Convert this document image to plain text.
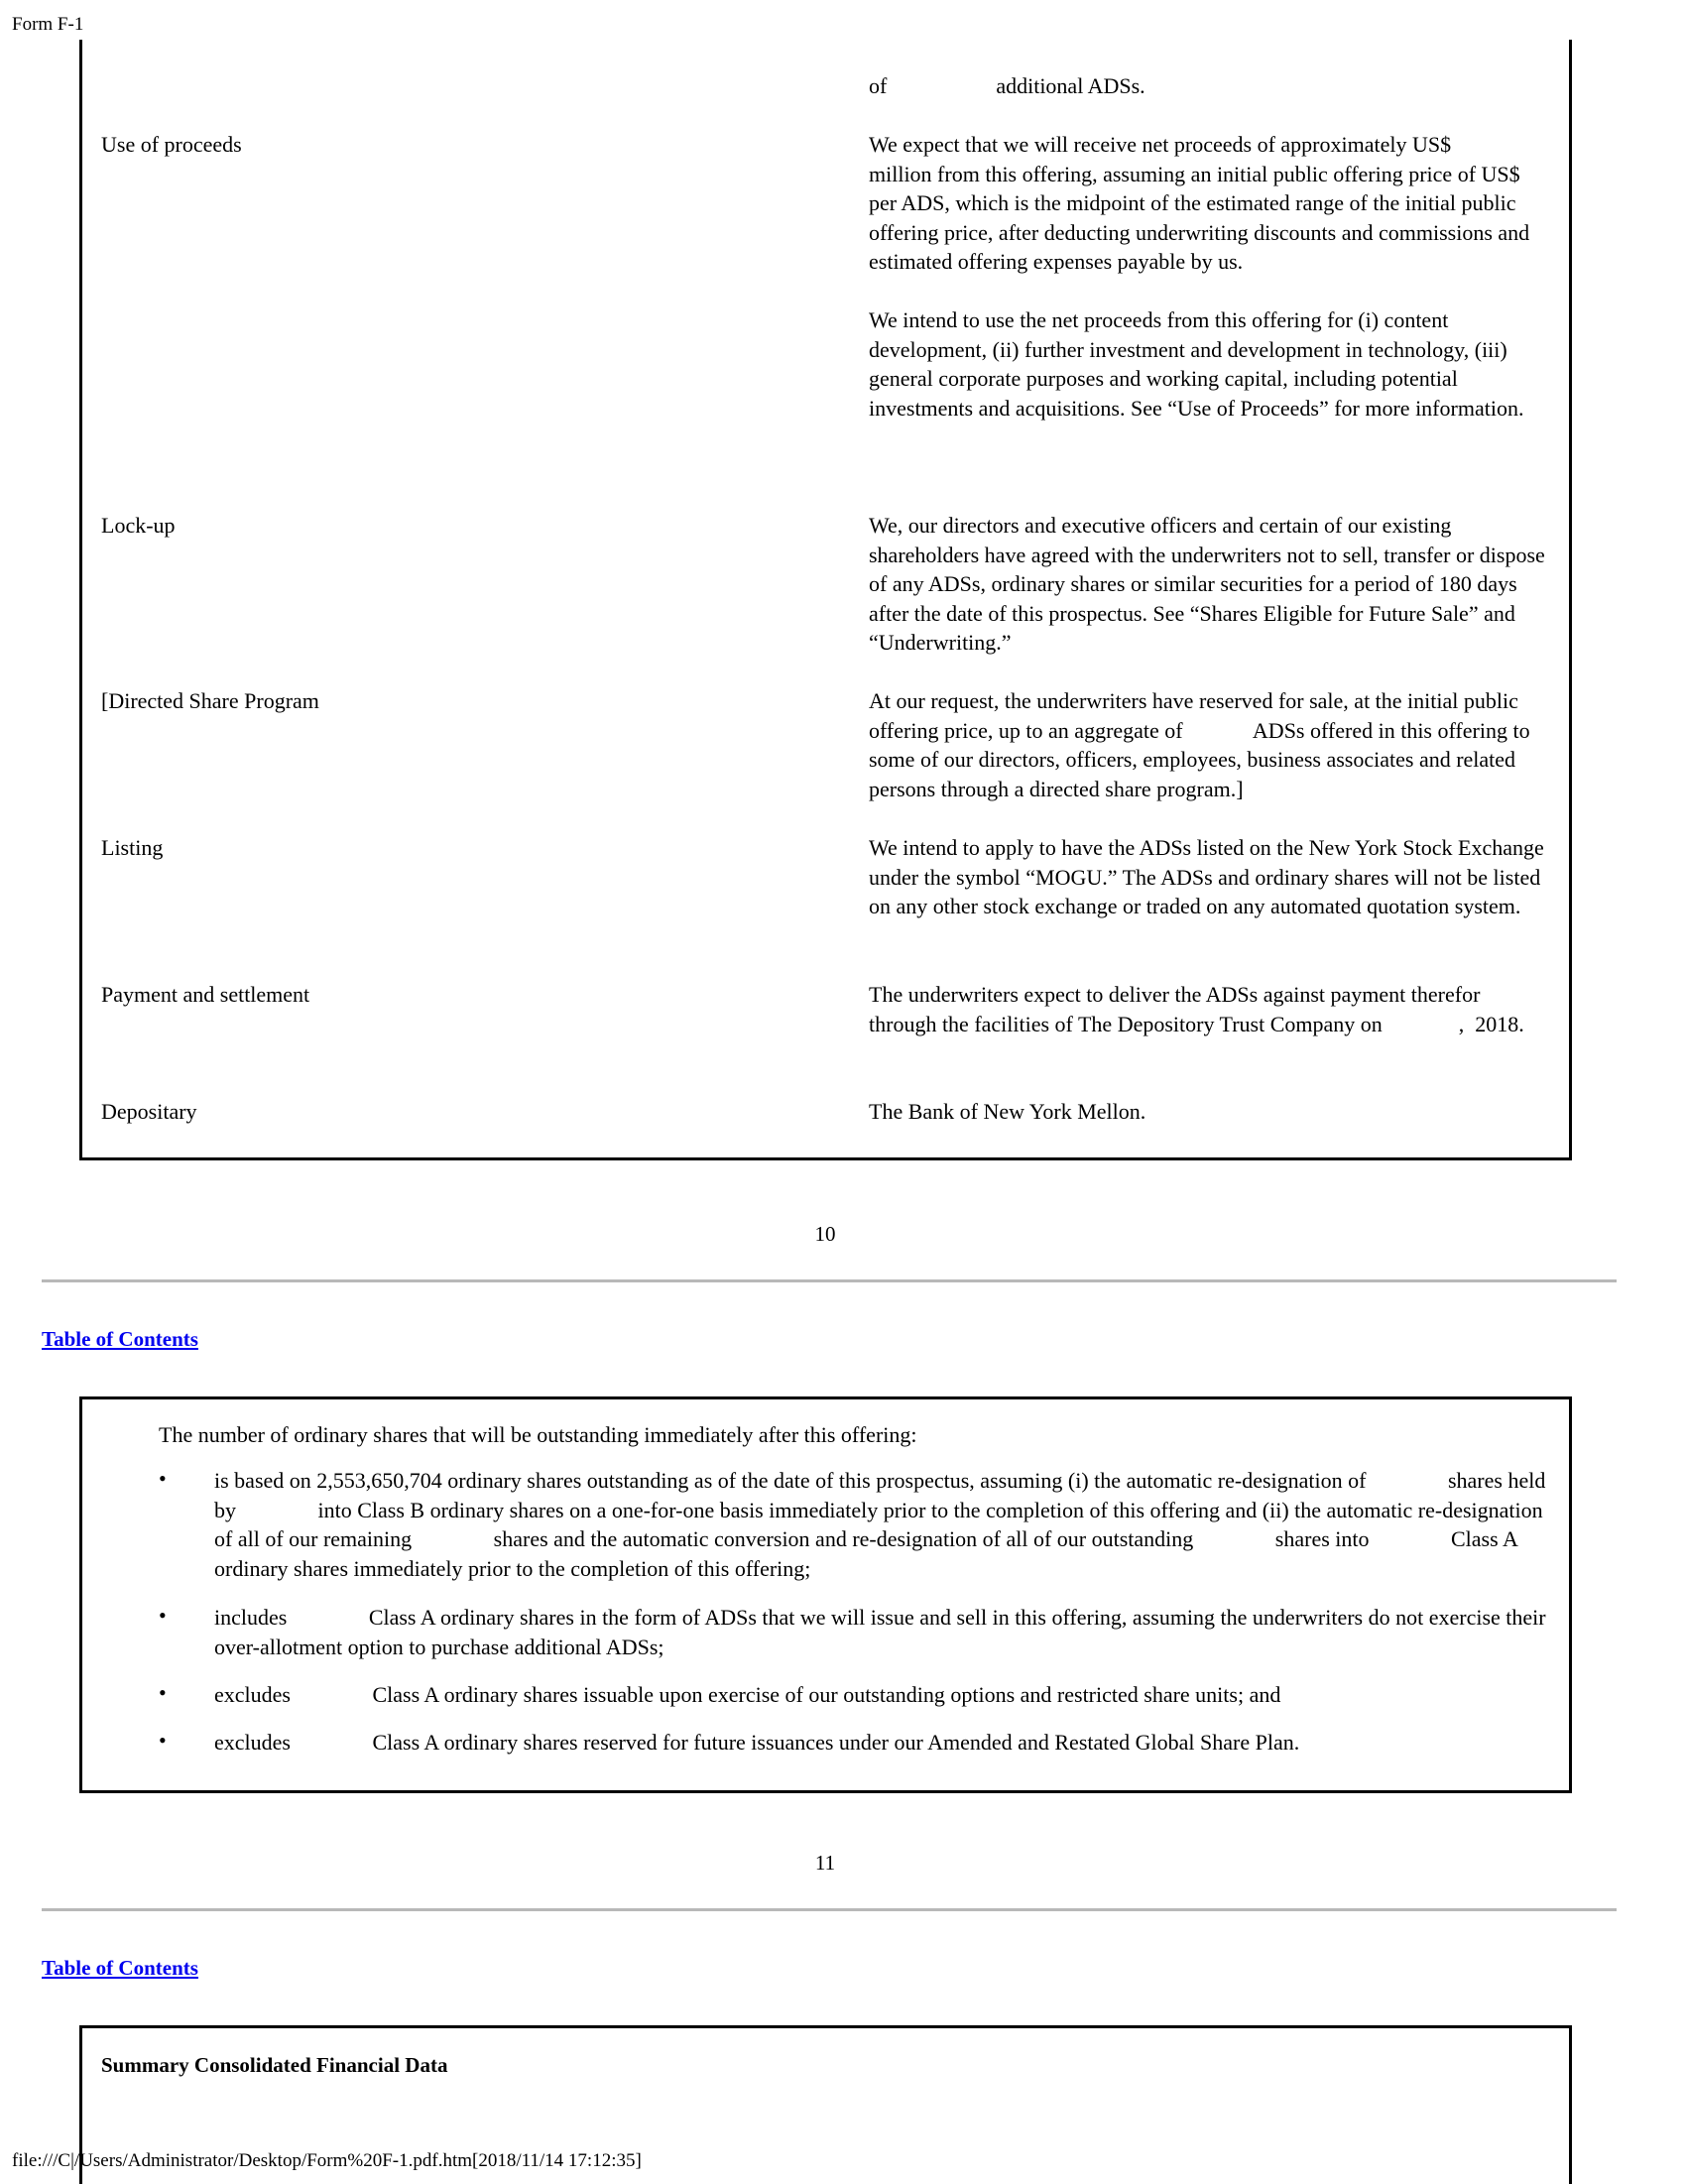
Form F-1

of                    additional ADSs.

Use of proceeds	We expect that we will receive net proceeds of approximately US$              million from this offering, assuming an initial public offering price of US$              per ADS, which is the midpoint of the estimated range of the initial public offering price, after deducting underwriting discounts and commissions and estimated offering expenses payable by us.

We intend to use the net proceeds from this offering for (i) content development, (ii) further investment and development in technology, (iii) general corporate purposes and working capital, including potential investments and acquisitions. See “Use of Proceeds” for more information.

Lock-up	We, our directors and executive officers and certain of our existing shareholders have agreed with the underwriters not to sell, transfer or dispose of any ADSs, ordinary shares or similar securities for a period of 180 days after the date of this prospectus. See “Shares Eligible for Future Sale” and “Underwriting.”

[Directed Share Program	At our request, the underwriters have reserved for sale, at the initial public offering price, up to an aggregate of             ADSs offered in this offering to some of our directors, officers, employees, business associates and related persons through a directed share program.]

Listing	We intend to apply to have the ADSs listed on the New York Stock Exchange under the symbol “MOGU.” The ADSs and ordinary shares will not be listed on any other stock exchange or traded on any automated quotation system.

Payment and settlement	The underwriters expect to deliver the ADSs against payment therefor through the facilities of The Depository Trust Company on              ,  2018.

Depositary	The Bank of New York Mellon.

10
Table of Contents
The number of ordinary shares that will be outstanding immediately after this offering:
• is based on 2,553,650,704 ordinary shares outstanding as of the date of this prospectus, assuming (i) the automatic re-designation of               shares held by               into Class B ordinary shares on a one-for-one basis immediately prior to the completion of this offering and (ii) the automatic re-designation of all of our remaining               shares and the automatic conversion and re-designation of all of our outstanding               shares into               Class A ordinary shares immediately prior to the completion of this offering;
• includes               Class A ordinary shares in the form of ADSs that we will issue and sell in this offering, assuming the underwriters do not exercise their over-allotment option to purchase additional ADSs;
• excludes               Class A ordinary shares issuable upon exercise of our outstanding options and restricted share units; and
• excludes               Class A ordinary shares reserved for future issuances under our Amended and Restated Global Share Plan.
11
Table of Contents
Summary Consolidated Financial Data
file:///C|/Users/Administrator/Desktop/Form%20F-1.pdf.htm[2018/11/14 17:12:35]
